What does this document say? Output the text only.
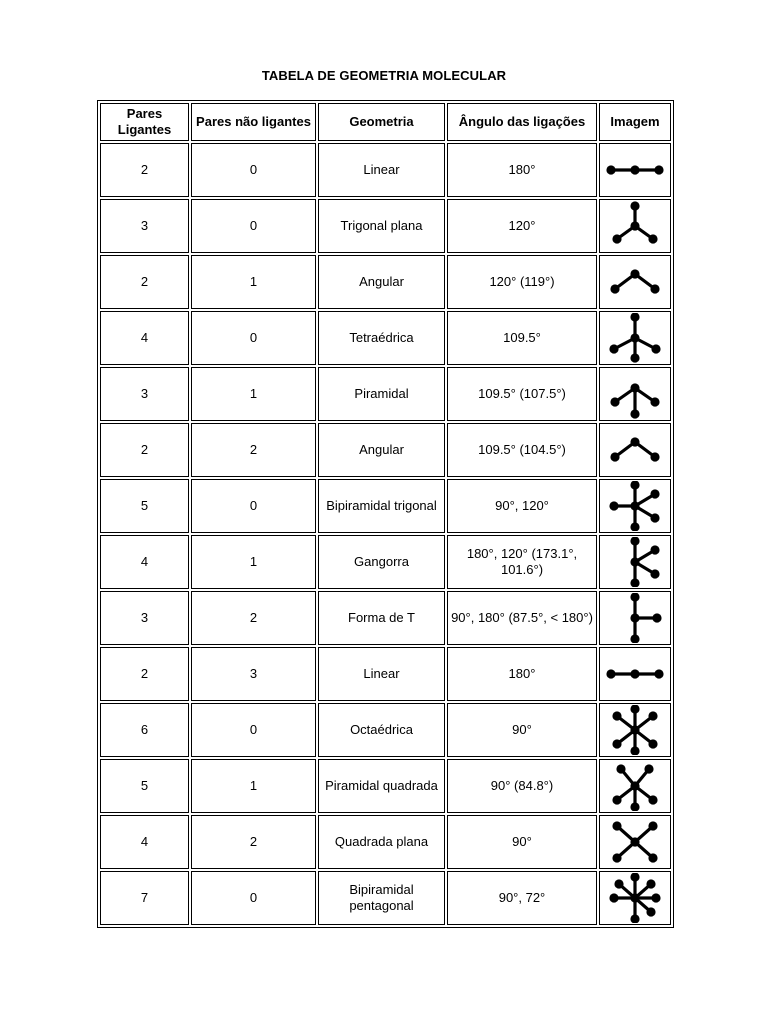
TABELA DE GEOMETRIA MOLECULAR
Pares Ligantes	Pares não ligantes	Geometria	Ângulo das ligações	Imagem
2	0	Linear	180°	

3	0	Trigonal plana	120°	

2	1	Angular	120° (119°)	

4	0	Tetraédrica	109.5°	

3	1	Piramidal	109.5° (107.5°)	

2	2	Angular	109.5° (104.5°)	

5	0	Bipiramidal trigonal	90°, 120°	

4	1	Gangorra	180°, 120° (173.1°, 101.6°)	

3	2	Forma de T	90°, 180° (87.5°, < 180°)	

2	3	Linear	180°	

6	0	Octaédrica	90°	

5	1	Piramidal quadrada	90° (84.8°)	

4	2	Quadrada plana	90°	

7	0	Bipiramidal pentagonal	90°, 72°	
